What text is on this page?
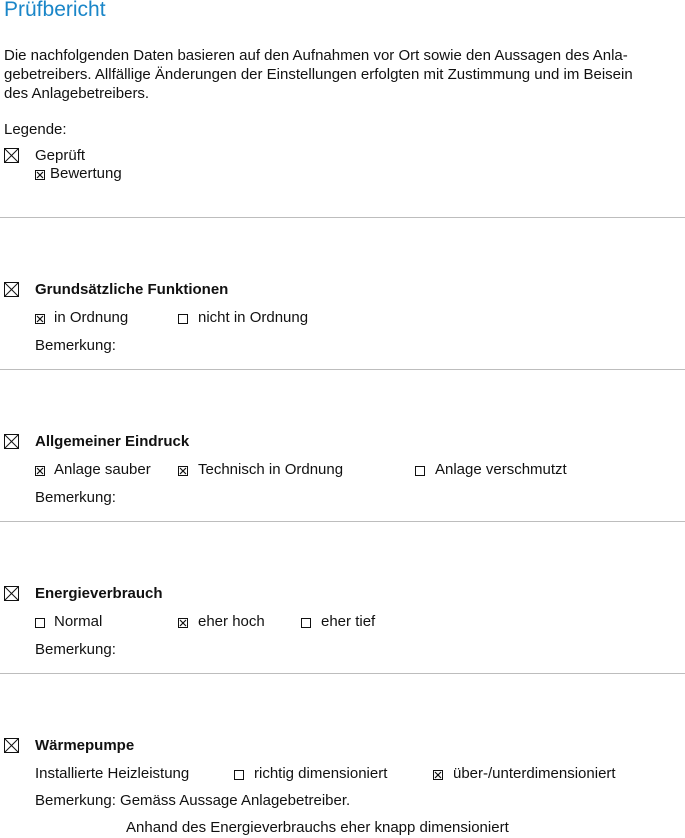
Prüfbericht
Die nachfolgenden Daten basieren auf den Aufnahmen vor Ort sowie den Aussagen des Anla-
gebetreibers. Allfällige Änderungen der Einstellungen erfolgten mit Zustimmung und im Beisein
des Anlagebetreibers.
Legende:
Geprüft
Bewertung
Grundsätzliche Funktionen
in Ordnung	nicht in Ordnung
Bemerkung:
Allgemeiner Eindruck
Anlage sauber	Technisch in Ordnung	Anlage verschmutzt
Bemerkung:
Energieverbrauch
Normal	eher hoch	eher tief
Bemerkung:
Wärmepumpe
Installierte Heizleistung	richtig dimensioniert	über-/unterdimensioniert
Bemerkung: Gemäss Aussage Anlagebetreiber.
Anhand des Energieverbrauchs eher knapp dimensioniert
